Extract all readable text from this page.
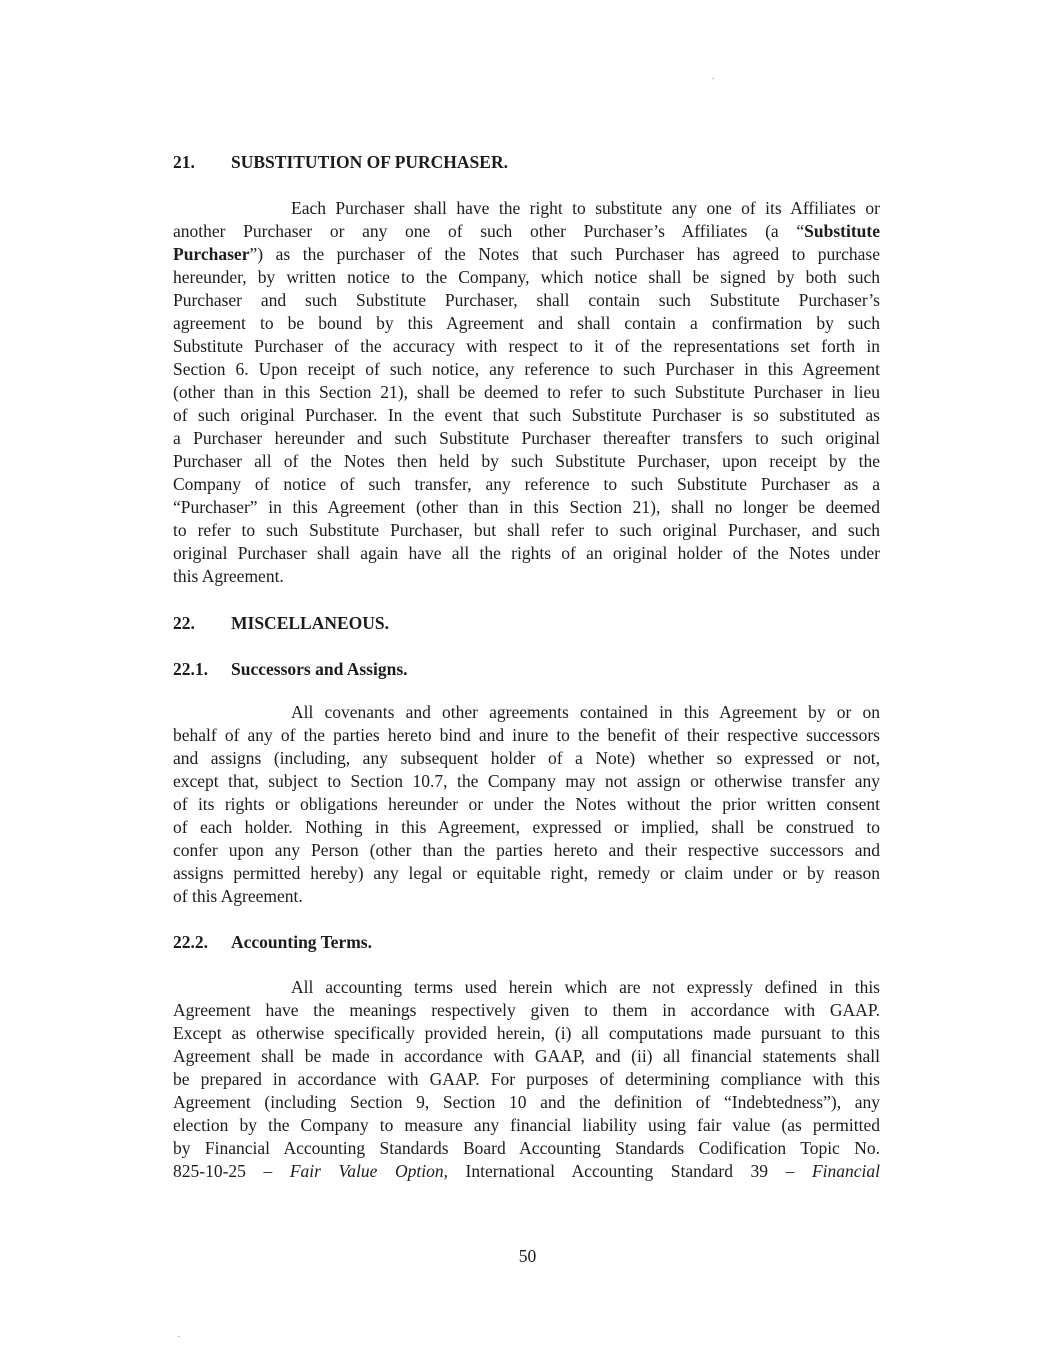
21. SUBSTITUTION OF PURCHASER.
Each Purchaser shall have the right to substitute any one of its Affiliates or
another Purchaser or any one of such other Purchaser’s Affiliates (a “Substitute
Purchaser”) as the purchaser of the Notes that such Purchaser has agreed to purchase
hereunder, by written notice to the Company, which notice shall be signed by both such
Purchaser and such Substitute Purchaser, shall contain such Substitute Purchaser’s
agreement to be bound by this Agreement and shall contain a confirmation by such
Substitute Purchaser of the accuracy with respect to it of the representations set forth in
Section 6. Upon receipt of such notice, any reference to such Purchaser in this Agreement
(other than in this Section 21), shall be deemed to refer to such Substitute Purchaser in lieu
of such original Purchaser. In the event that such Substitute Purchaser is so substituted as
a Purchaser hereunder and such Substitute Purchaser thereafter transfers to such original
Purchaser all of the Notes then held by such Substitute Purchaser, upon receipt by the
Company of notice of such transfer, any reference to such Substitute Purchaser as a
“Purchaser” in this Agreement (other than in this Section 21), shall no longer be deemed
to refer to such Substitute Purchaser, but shall refer to such original Purchaser, and such
original Purchaser shall again have all the rights of an original holder of the Notes under
this Agreement.
22. MISCELLANEOUS.
22.1. Successors and Assigns.
All covenants and other agreements contained in this Agreement by or on
behalf of any of the parties hereto bind and inure to the benefit of their respective successors
and assigns (including, any subsequent holder of a Note) whether so expressed or not,
except that, subject to Section 10.7, the Company may not assign or otherwise transfer any
of its rights or obligations hereunder or under the Notes without the prior written consent
of each holder. Nothing in this Agreement, expressed or implied, shall be construed to
confer upon any Person (other than the parties hereto and their respective successors and
assigns permitted hereby) any legal or equitable right, remedy or claim under or by reason
of this Agreement.
22.2. Accounting Terms.
All accounting terms used herein which are not expressly defined in this
Agreement have the meanings respectively given to them in accordance with GAAP.
Except as otherwise specifically provided herein, (i) all computations made pursuant to this
Agreement shall be made in accordance with GAAP, and (ii) all financial statements shall
be prepared in accordance with GAAP. For purposes of determining compliance with this
Agreement (including Section 9, Section 10 and the definition of “Indebtedness”), any
election by the Company to measure any financial liability using fair value (as permitted
by Financial Accounting Standards Board Accounting Standards Codification Topic No.
825-10-25 – Fair Value Option, International Accounting Standard 39 – Financial
50
